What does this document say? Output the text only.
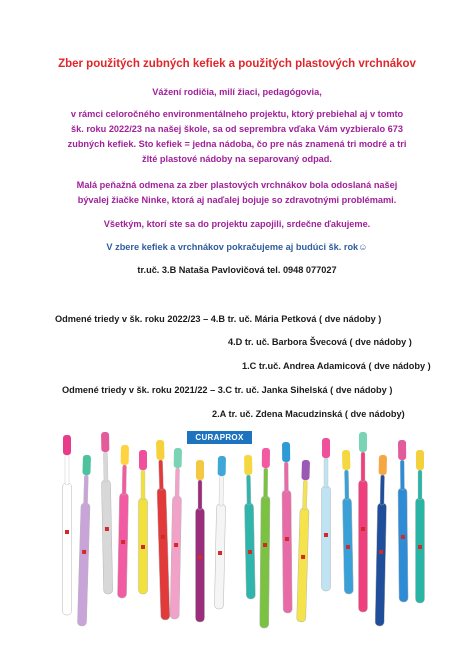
Zber použitých zubných kefiek a použitých plastových vrchnákov
Vážení rodičia, milí žiaci, pedagógovia,
v rámci celoročného environmentálneho projektu, ktorý prebiehal aj v tomto
šk. roku 2022/23 na našej škole, sa od seprembra vďaka Vám vyzbieralo 673
zubných kefiek. Sto kefiek = jedna nádoba, čo pre nás znamená tri modré a tri
žlté plastové nádoby na separovaný odpad.
Malá peňažná odmena za zber plastových vrchnákov bola odoslaná našej
bývalej žiačke Ninke, ktorá aj naďalej bojuje so zdravotnými problémami.
Všetkým, ktorí ste sa do projektu zapojili, srdečne ďakujeme.
V zbere kefiek a vrchnákov pokračujeme aj budúci šk. rok☺
tr.uč. 3.B Nataša Pavlovičová tel. 0948 077027
Odmené triedy v šk. roku 2022/23 – 4.B tr. uč. Mária Petková ( dve nádoby )
4.D tr. uč. Barbora Švecová ( dve nádoby )
1.C tr.uč. Andrea Adamicová ( dve nádoby )
Odmené triedy v šk. roku 2021/22 – 3.C tr. uč. Janka Sihelská ( dve nádoby )
2.A tr. uč. Zdena Macudzinská ( dve nádoby)
CURAPROX
